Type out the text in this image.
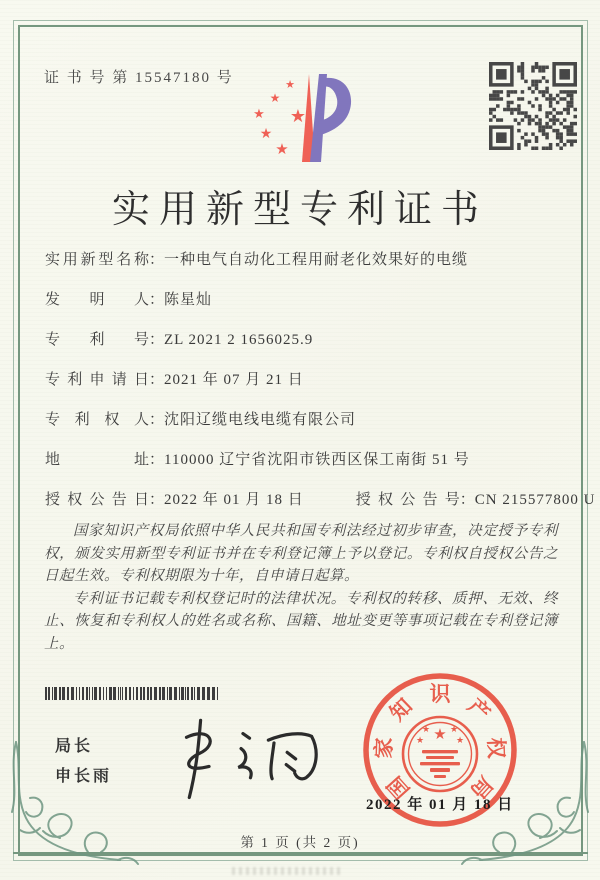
证 书 号 第 15547180 号	★
★
★
★
★
★
实用新型专利证书
实用新型名称：一种电气自动化工程用耐老化效果好的电缆
发明人：陈星灿
专利号：ZL 2021 2 1656025.9
专利申请日：2021 年 07 月 21 日
专利权人：沈阳辽缆电线电缆有限公司
地址：110000 辽宁省沈阳市铁西区保工南街 51 号
授权公告日：2022 年 01 月 18 日	授权公告号：CN 215577800 U

国家知识产权局依照中华人民共和国专利法经过初步审查，决定授予专利权，颁发实用新型专利证书并在专利登记簿上予以登记。专利权自授权公告之日起生效。专利权期限为十年，自申请日起算。

专利证书记载专利权登记时的法律状况。专利权的转移、质押、无效、终止、恢复和专利权人的姓名或名称、国籍、地址变更等事项记载在专利登记簿上。

局长
申长雨
★
★ ★
★	★
国
家
知 识 产
权
局
2022 年 01 月 18 日
第 1 页 (共 2 页)
